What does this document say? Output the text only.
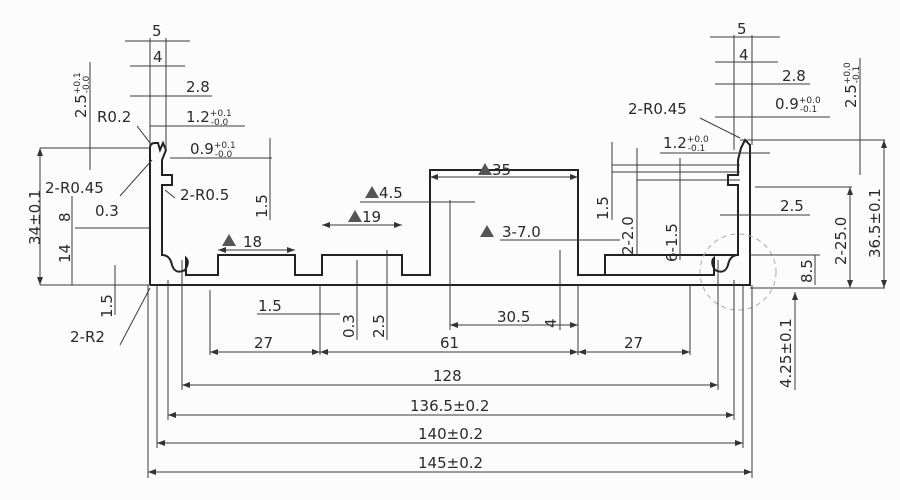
5
4
2.8
$1.2^{+0.1}$ -0.0
R0.2
$0.9^{+0.1}$ -0.0
$2.5^{+0.1}-0.0$
2-R0.45	2-R0.5
0.3
8
14
34±0.1	1.5
2-R2
1.5
18
19
4.5
35
3-7.0
1.5
0.3 2.5	30.5 4
5
4
2.8
2-R0.45	$0.9^{+0.0}$ -0.1
$2.5^{+0.0}-0.1$
$1.2^{+0.0}$ -0.1
1.5
2-2.0 6-1.5
2.5
2-25.0 36.5±0.1
8.5
4.25±0.1
27	61	27
128
136.5±0.2
140±0.2
145±0.2
